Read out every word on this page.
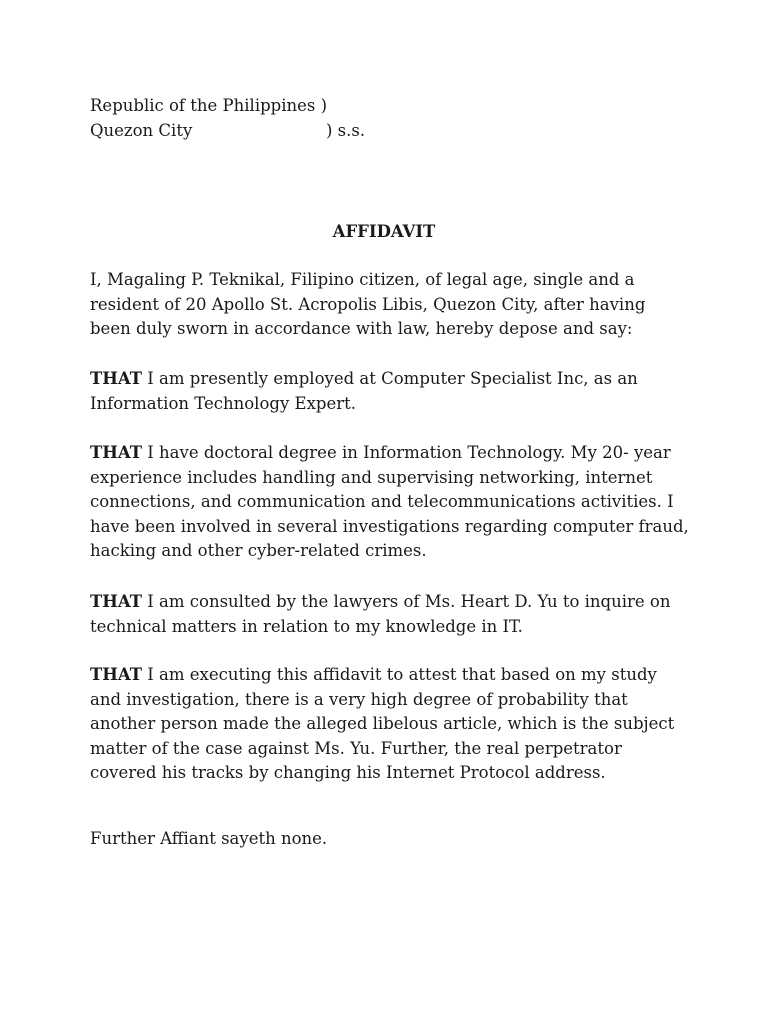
Republic of the Philippines )
Quezon City	) s.s.
AFFIDAVIT

I, Magaling P. Teknikal, Filipino citizen, of legal age, single and a resident of 20 Apollo St. Acropolis Libis, Quezon City, after having been duly sworn in accordance with law, hereby depose and say:

THAT I am presently employed at Computer Specialist Inc, as an Information Technology Expert.

THAT I have doctoral degree in Information Technology. My 20- year experience includes handling and supervising networking, internet connections, and communication and telecommunications activities. I have been involved in several investigations regarding computer fraud, hacking and other cyber-related crimes.

THAT I am consulted by the lawyers of Ms. Heart D. Yu to inquire on technical matters in relation to my knowledge in IT.

THAT I am executing this affidavit to attest that based on my study and investigation, there is a very high degree of probability that another person made the alleged libelous article, which is the subject matter of the case against Ms. Yu. Further, the real perpetrator covered his tracks by changing his Internet Protocol address.

Further Affiant sayeth none.
